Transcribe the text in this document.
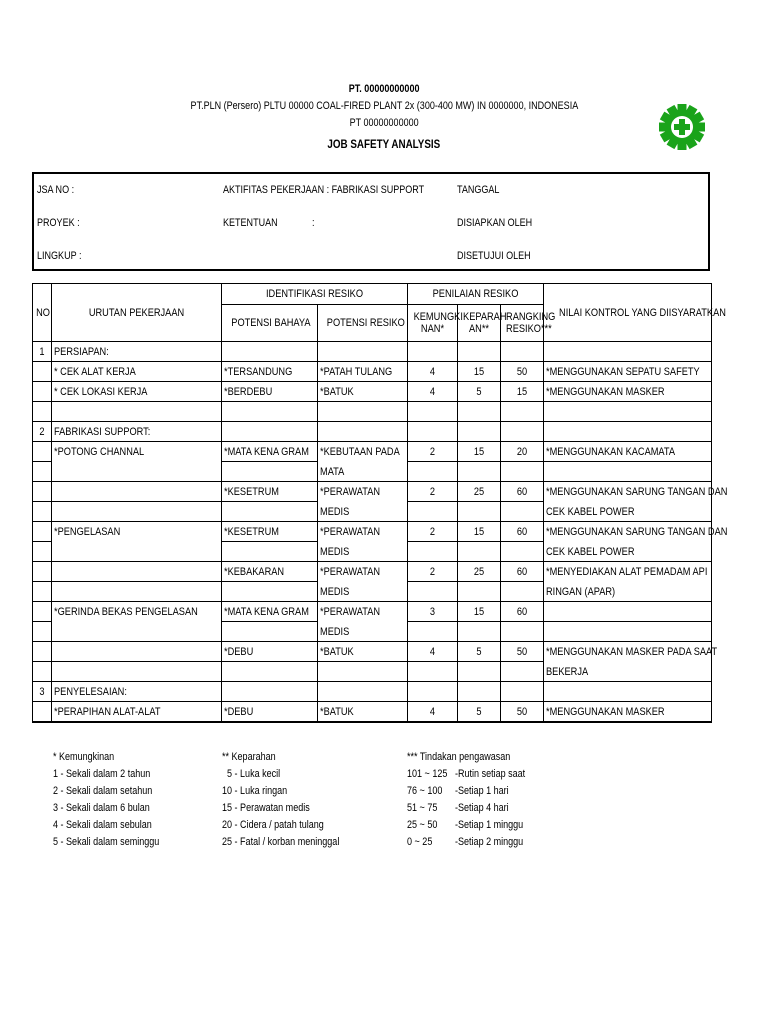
PT. 00000000000
PT.PLN (Persero) PLTU 00000 COAL-FIRED PLANT 2x (300-400 MW) IN 0000000, INDONESIA
PT 00000000000
JOB SAFETY ANALYSIS
JSA NO :
PROYEK :
LINGKUP :
AKTIFITAS PEKERJAAN : FABRIKASI SUPPORT
KETENTUAN	:
TANGGAL
DISIAPKAN OLEH
DISETUJUI OLEH
NO	URUTAN PEKERJAAN	IDENTIFIKASI RESIKO		PENILAIAN RESIKO			NILAI KONTROL YANG DIISYARATKAN

		POTENSI BAHAYA	POTENSI RESIKO	KEMUNGKI
NAN*	KEPARAH
AN**	RANGKING
RESIKO***	

1	PERSIAPAN:						

	* CEK ALAT KERJA	*TERSANDUNG	*PATAH TULANG	4	15	50	*MENGGUNAKAN SEPATU SAFETY

	* CEK LOKASI KERJA	*BERDEBU	*BATUK	4	5	15	*MENGGUNAKAN MASKER

2	FABRIKASI SUPPORT:						

	*POTONG CHANNAL	*MATA KENA GRAM	*KEBUTAAN PADA	2	15	20	*MENGGUNAKAN KACAMATA

			MATA				

		*KESETRUM	*PERAWATAN	2	25	60	*MENGGUNAKAN SARUNG TANGAN DAN

			MEDIS				CEK KABEL POWER

	*PENGELASAN	*KESETRUM	*PERAWATAN	2	15	60	*MENGGUNAKAN SARUNG TANGAN DAN

			MEDIS				CEK KABEL POWER

		*KEBAKARAN	*PERAWATAN	2	25	60	*MENYEDIAKAN ALAT PEMADAM API

			MEDIS				RINGAN (APAR)

	*GERINDA BEKAS PENGELASAN	*MATA KENA GRAM	*PERAWATAN	3	15	60	

			MEDIS				

		*DEBU	*BATUK	4	5	50	*MENGGUNAKAN MASKER PADA SAAT

							BEKERJA

3	PENYELESAIAN:						

	*PERAPIHAN ALAT-ALAT	*DEBU	*BATUK	4	5	50	*MENGGUNAKAN MASKER
* Kemungkinan
1 - Sekali dalam 2 tahun
2 - Sekali dalam setahun
3 - Sekali dalam 6 bulan
4 - Sekali dalam sebulan
5 - Sekali dalam seminggu
** Keparahan
5 - Luka kecil
10 - Luka ringan
15 - Perawatan medis
20 - Cidera / patah tulang
25 - Fatal / korban meninggal
*** Tindakan pengawasan
101 ~ 125 -Rutin setiap saat
76 ~ 100 -Setiap 1 hari
51 ~ 75 -Setiap 4 hari
25 ~ 50 -Setiap 1 minggu
0 ~ 25 -Setiap 2 minggu
